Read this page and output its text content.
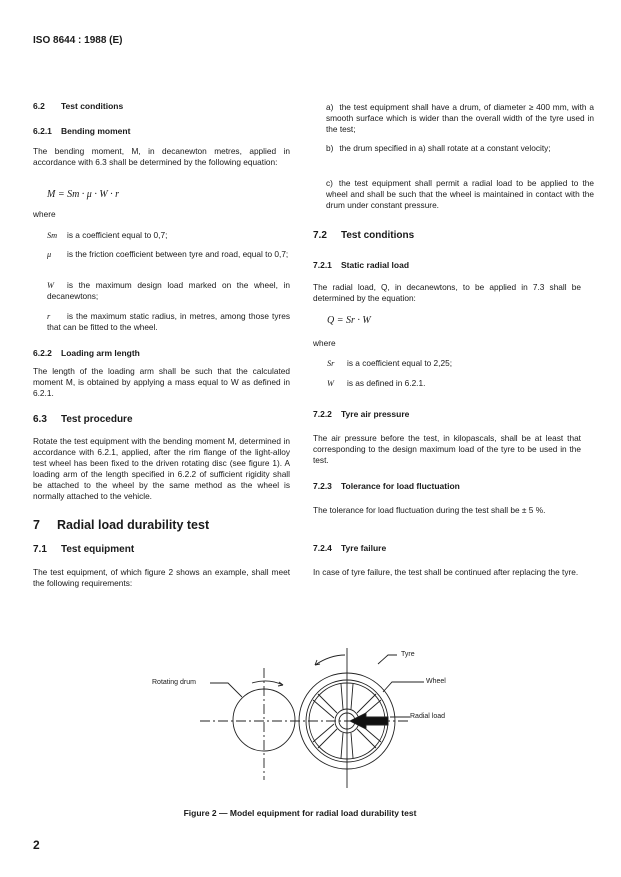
ISO 8644 : 1988 (E)
6.2 Test conditions
6.2.1 Bending moment
The bending moment, M, in decanewton metres, applied in accordance with 6.3 shall be determined by the following equation:
M = Sm · μ · W · r
where
Sm is a coefficient equal to 0,7;
μ is the friction coefficient between tyre and road, equal to 0,7;
W is the maximum design load marked on the wheel, in decanewtons;
r is the maximum static radius, in metres, among those tyres that can be fitted to the wheel.
6.2.2 Loading arm length
The length of the loading arm shall be such that the calculated moment M, is obtained by applying a mass equal to W as defined in 6.2.1.
6.3 Test procedure
Rotate the test equipment with the bending moment M, determined in accordance with 6.2.1, applied, after the rim flange of the light-alloy test wheel has been fixed to the driven rotating disc (see figure 1). A loading arm of the length specified in 6.2.2 of sufficient rigidity shall be attached to the wheel by the same method as the wheel is normally attached to the vehicle.
7 Radial load durability test
7.1 Test equipment
The test equipment, of which figure 2 shows an example, shall meet the following requirements:
a) the test equipment shall have a drum, of diameter ≥ 400 mm, with a smooth surface which is wider than the overall width of the tyre used in the test;
b) the drum specified in a) shall rotate at a constant velocity;
c) the test equipment shall permit a radial load to be applied to the wheel and shall be such that the wheel is maintained in contact with the drum under constant pressure.
7.2 Test conditions
7.2.1 Static radial load
The radial load, Q, in decanewtons, to be applied in 7.3 shall be determined by the equation:
Q = Sr · W
where
Sr is a coefficient equal to 2,25;
W is as defined in 6.2.1.
7.2.2 Tyre air pressure
The air pressure before the test, in kilopascals, shall be at least that corresponding to the design maximum load of the tyre to be used in the test.
7.2.3 Tolerance for load fluctuation
The tolerance for load fluctuation during the test shall be ± 5 %.
7.2.4 Tyre failure
In case of tyre failure, the test shall be continued after replacing the tyre.
Rotating drum
Tyre
Wheel
Radial load
Figure 2 — Model equipment for radial load durability test
2
